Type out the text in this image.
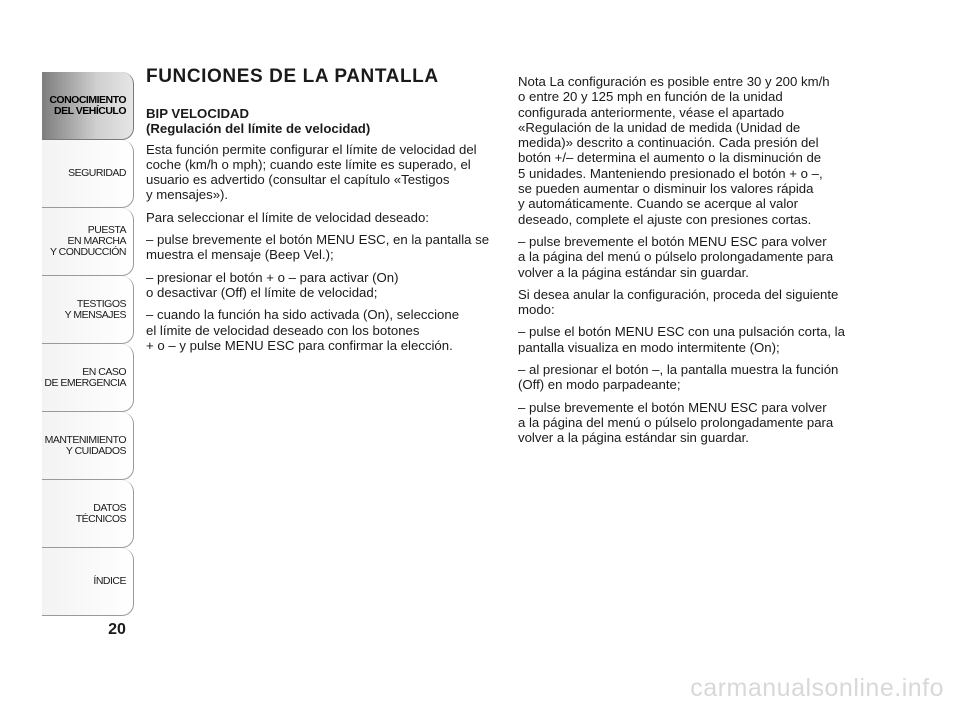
CONOCIMIENTO
DEL VEHÍCULO
SEGURIDAD
PUESTA
EN MARCHA
Y CONDUCCIÓN
TESTIGOS
Y MENSAJES
EN CASO
DE EMERGENCIA
MANTENIMIENTO
Y CUIDADOS
DATOS TÉCNICOS
ÍNDICE
20
FUNCIONES DE LA PANTALLA

BIP VELOCIDAD
(Regulación del límite de velocidad)

Esta función permite configurar el límite de velocidad del coche (km/h o mph); cuando este límite es superado, el usuario es advertido (consultar el capítulo «Testigos
y mensajes»).

Para seleccionar el límite de velocidad deseado:

– pulse brevemente el botón MENU ESC, en la pantalla se muestra el mensaje (Beep Vel.);

– presionar el botón + o – para activar (On)
o desactivar (Off) el límite de velocidad;

– cuando la función ha sido activada (On), seleccione
el límite de velocidad deseado con los botones
+ o – y pulse MENU ESC para confirmar la elección.

Nota La configuración es posible entre 30 y 200 km/h
o entre 20 y 125 mph en función de la unidad
configurada anteriormente, véase el apartado
«Regulación de la unidad de medida (Unidad de
medida)» descrito a continuación. Cada presión del
botón +/– determina el aumento o la disminución de
5 unidades. Manteniendo presionado el botón + o –,
se pueden aumentar o disminuir los valores rápida
y automáticamente. Cuando se acerque al valor
deseado, complete el ajuste con presiones cortas.

– pulse brevemente el botón MENU ESC para volver
a la página del menú o púlselo prolongadamente para
volver a la página estándar sin guardar.

Si desea anular la configuración, proceda del siguiente
modo:

– pulse el botón MENU ESC con una pulsación corta, la
pantalla visualiza en modo intermitente (On);

– al presionar el botón –, la pantalla muestra la función
(Off) en modo parpadeante;

– pulse brevemente el botón MENU ESC para volver
a la página del menú o púlselo prolongadamente para
volver a la página estándar sin guardar.

carmanualsonline.info
